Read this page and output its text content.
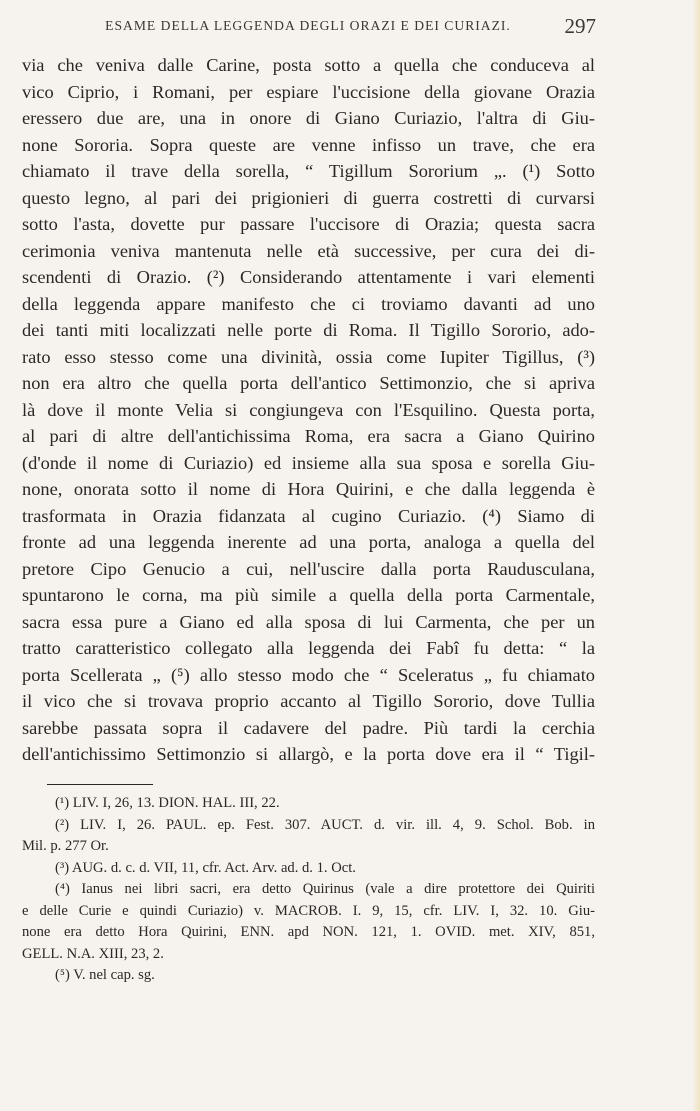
ESAME DELLA LEGGENDA DEGLI ORAZI E DEI CURIAZI.	297
via che veniva dalle Carine, posta sotto a quella che conduceva al
vico Ciprio, i Romani, per espiare l'uccisione della giovane Orazia
eressero due are, una in onore di Giano Curiazio, l'altra di Giu-
none Sororia. Sopra queste are venne infisso un trave, che era
chiamato il trave della sorella, “ Tigillum Sororium „. (¹) Sotto
questo legno, al pari dei prigionieri di guerra costretti di curvarsi
sotto l'asta, dovette pur passare l'uccisore di Orazia; questa sacra
cerimonia veniva mantenuta nelle età successive, per cura dei di-
scendenti di Orazio. (²) Considerando attentamente i vari elementi
della leggenda appare manifesto che ci troviamo davanti ad uno
dei tanti miti localizzati nelle porte di Roma. Il Tigillo Sororio, ado-
rato esso stesso come una divinità, ossia come Iupiter Tigillus, (³)
non era altro che quella porta dell'antico Settimonzio, che si apriva
là dove il monte Velia si congiungeva con l'Esquilino. Questa porta,
al pari di altre dell'antichissima Roma, era sacra a Giano Quirino
(d'onde il nome di Curiazio) ed insieme alla sua sposa e sorella Giu-
none, onorata sotto il nome di Hora Quirini, e che dalla leggenda è
trasformata in Orazia fidanzata al cugino Curiazio. (⁴) Siamo di
fronte ad una leggenda inerente ad una porta, analoga a quella del
pretore Cipo Genucio a cui, nell'uscire dalla porta Raudusculana,
spuntarono le corna, ma più simile a quella della porta Carmentale,
sacra essa pure a Giano ed alla sposa di lui Carmenta, che per un
tratto caratteristico collegato alla leggenda dei Fabî fu detta: “ la
porta Scellerata „ (⁵) allo stesso modo che “ Sceleratus „ fu chiamato
il vico che si trovava proprio accanto al Tigillo Sororio, dove Tullia
sarebbe passata sopra il cadavere del padre. Più tardi la cerchia
dell'antichissimo Settimonzio si allargò, e la porta dove era il “ Tigil-
(¹) LIV. I, 26, 13. DION. HAL. III, 22.
(²) LIV. I, 26. PAUL. ep. Fest. 307. AUCT. d. vir. ill. 4, 9. Schol. Bob. in
Mil. p. 277 Or.
(³) AUG. d. c. d. VII, 11, cfr. Act. Arv. ad. d. 1. Oct.
(⁴) Ianus nei libri sacri, era detto Quirinus (vale a dire protettore dei Quiriti
e delle Curie e quindi Curiazio) v. MACROB. I. 9, 15, cfr. LIV. I, 32. 10. Giu-
none era detto Hora Quirini, ENN. apd NON. 121, 1. OVID. met. XIV, 851,
GELL. N.A. XIII, 23, 2.
(⁵) V. nel cap. sg.
